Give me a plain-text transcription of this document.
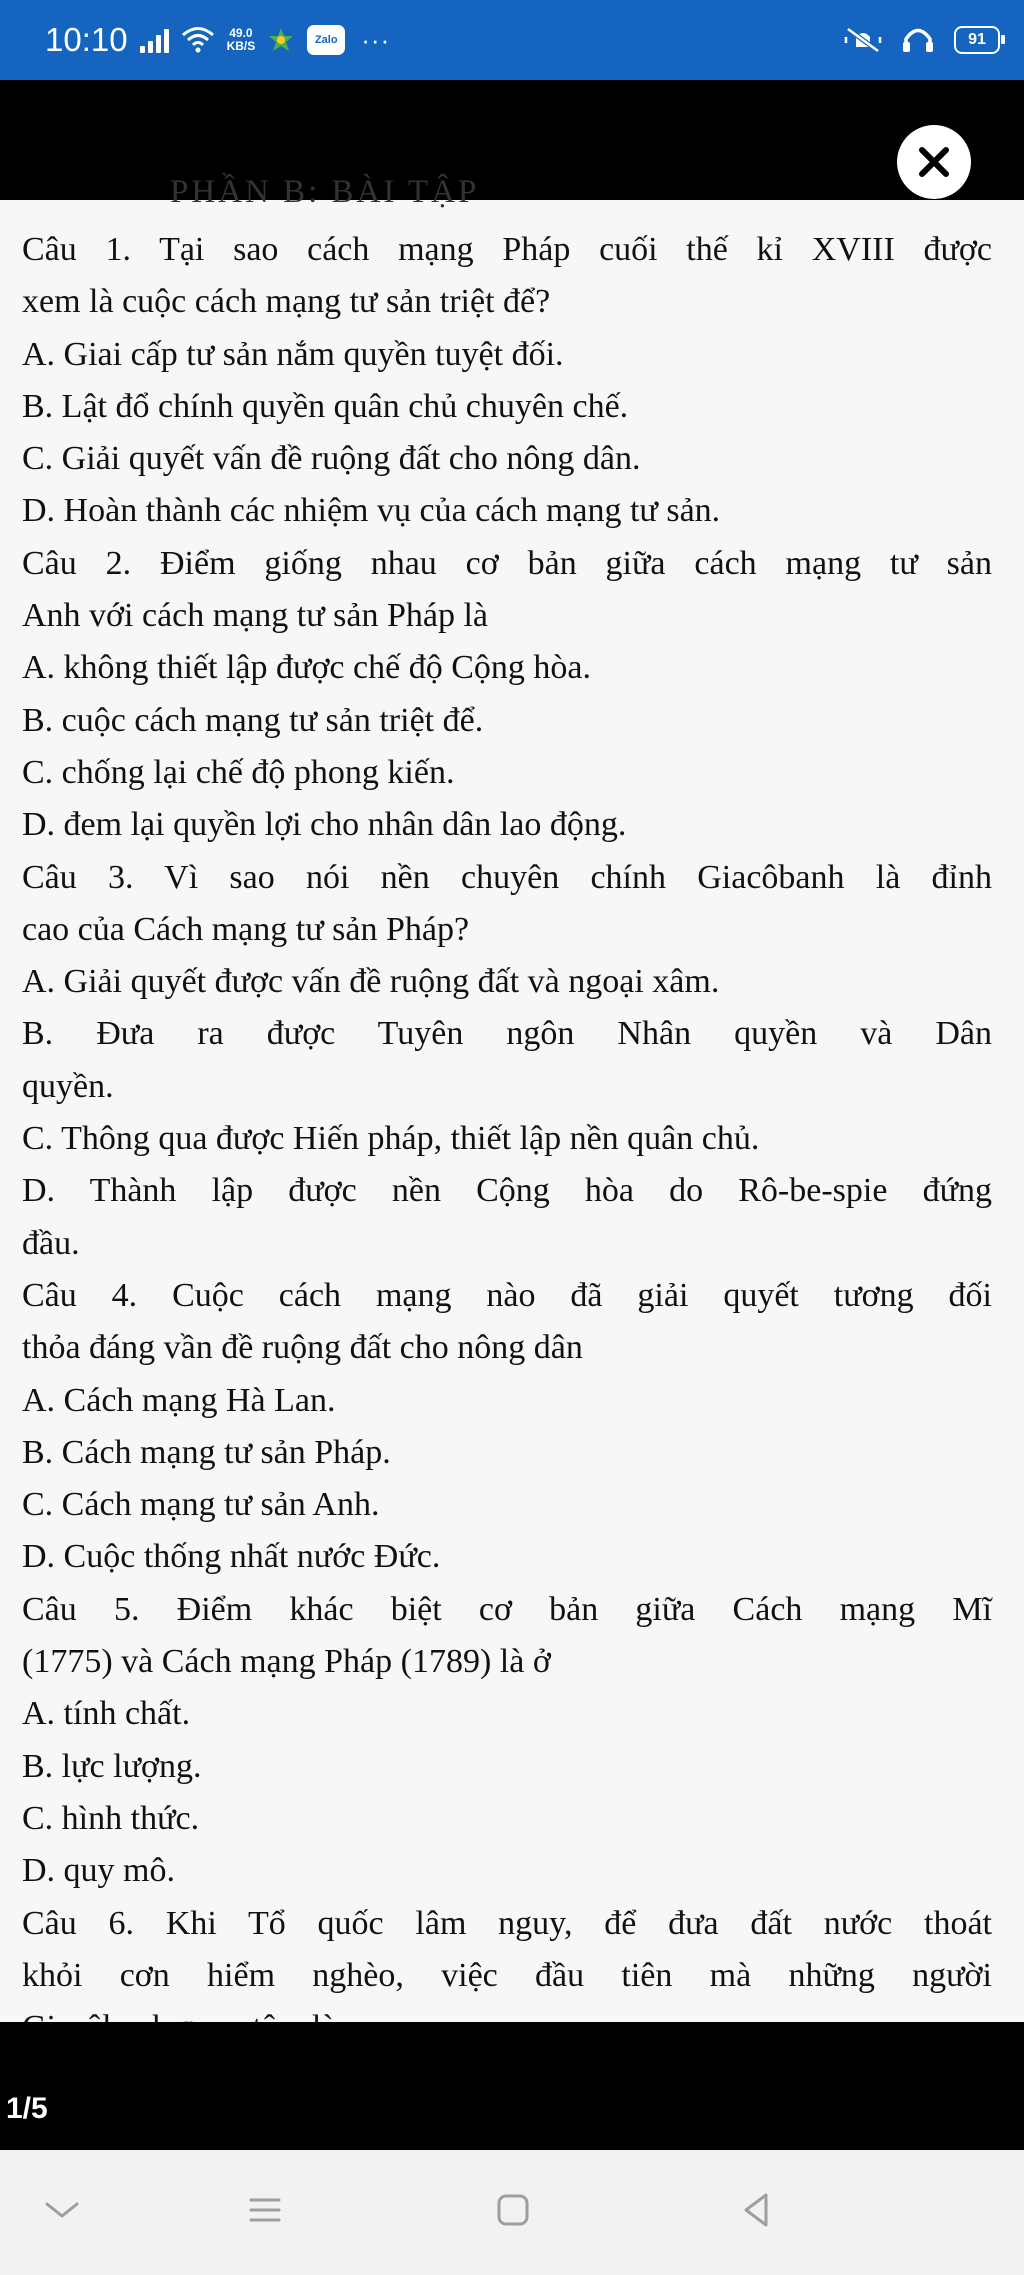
10:10	49.0
KB/S	Zalo ···	91
PHẦN B: BÀI TẬP
Câu 1. Tại sao cách mạng Pháp cuối thế kỉ XVIII được
xem là cuộc cách mạng tư sản triệt để?
A. Giai cấp tư sản nắm quyền tuyệt đối.
B. Lật đổ chính quyền quân chủ chuyên chế.
C. Giải quyết vấn đề ruộng đất cho nông dân.
D. Hoàn thành các nhiệm vụ của cách mạng tư sản.
Câu 2. Điểm giống nhau cơ bản giữa cách mạng tư sản
Anh với cách mạng tư sản Pháp là
A. không thiết lập được chế độ Cộng hòa.
B. cuộc cách mạng tư sản triệt để.
C. chống lại chế độ phong kiến.
D. đem lại quyền lợi cho nhân dân lao động.
Câu 3. Vì sao nói nền chuyên chính Giacôbanh là đỉnh
cao của Cách mạng tư sản Pháp?
A. Giải quyết được vấn đề ruộng đất và ngoại xâm.
B. Đưa ra được Tuyên ngôn Nhân quyền và Dân
quyền.
C. Thông qua được Hiến pháp, thiết lập nền quân chủ.
D. Thành lập được nền Cộng hòa do Rô-be-spie đứng
đầu.
Câu 4. Cuộc cách mạng nào đã giải quyết tương đối
thỏa đáng vần đề ruộng đất cho nông dân
A. Cách mạng Hà Lan.
B. Cách mạng tư sản Pháp.
C. Cách mạng tư sản Anh.
D. Cuộc thống nhất nước Đức.
Câu 5. Điểm khác biệt cơ bản giữa Cách mạng Mĩ
(1775) và Cách mạng Pháp (1789) là ở
A. tính chất.
B. lực lượng.
C. hình thức.
D. quy mô.
Câu 6. Khi Tổ quốc lâm nguy, để đưa đất nước thoát
khỏi cơn hiểm nghèo, việc đầu tiên mà những người
1/5
